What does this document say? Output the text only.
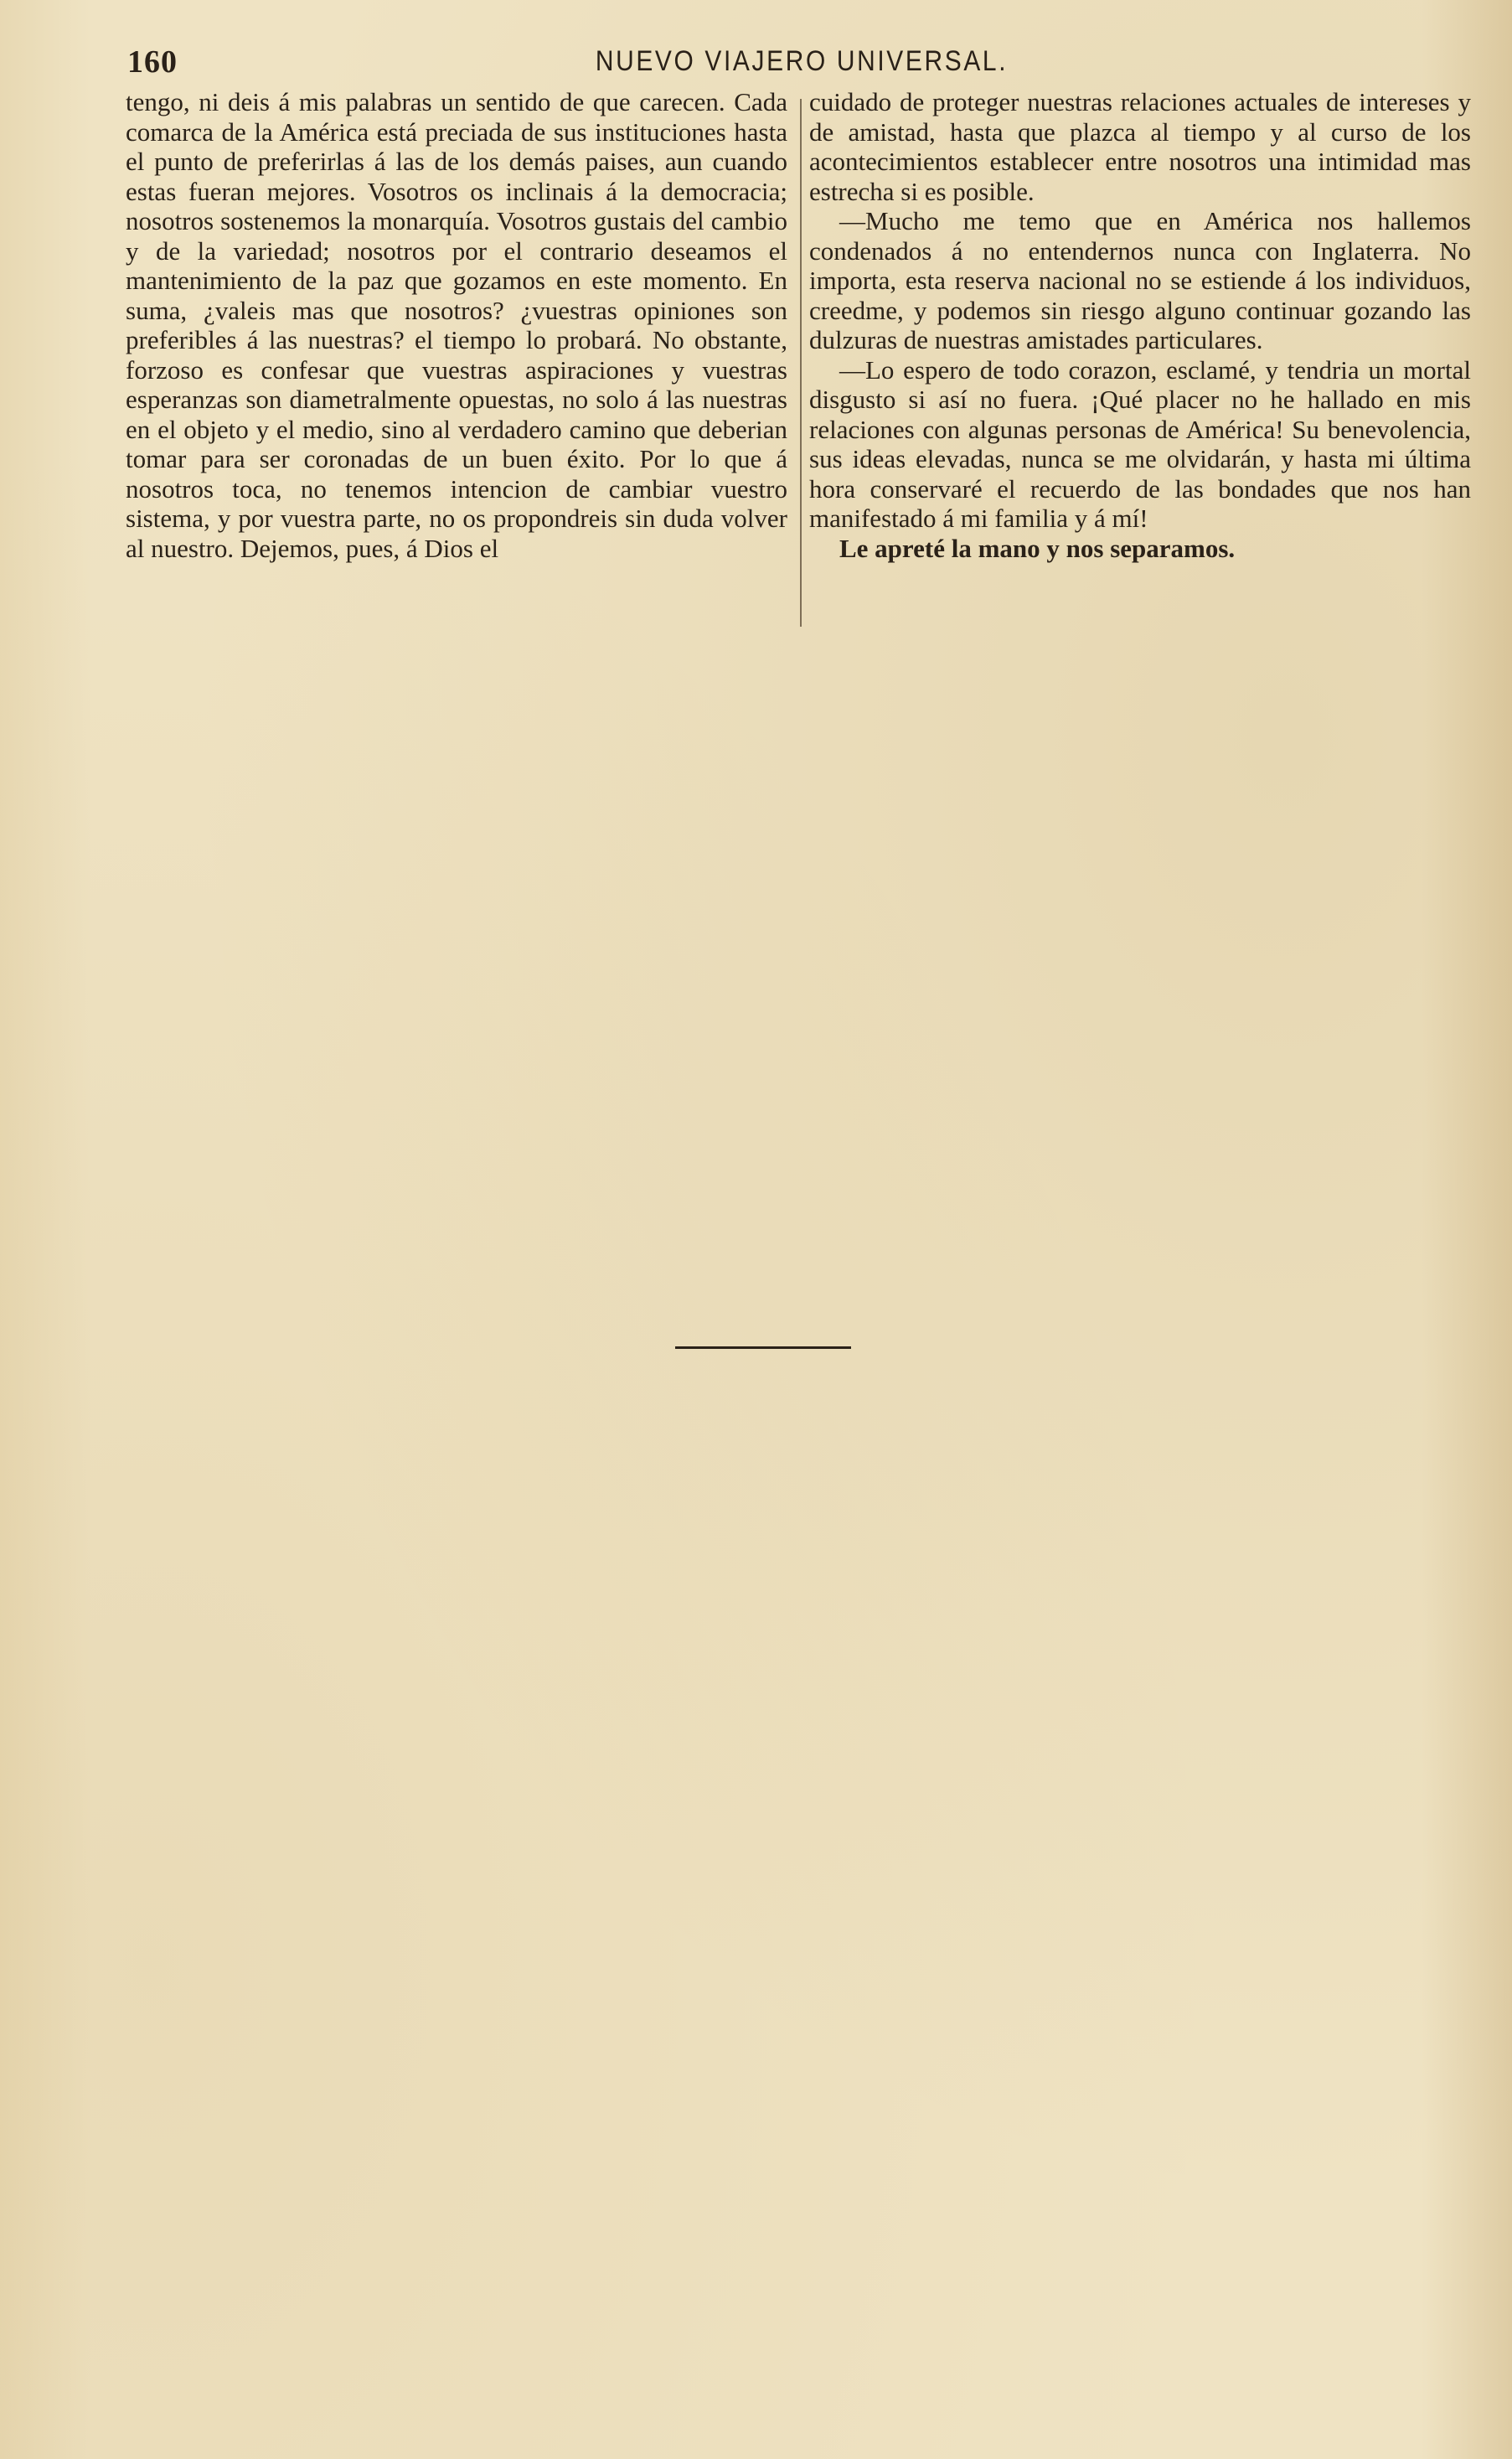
160	NUEVO VIAJERO UNIVERSAL.

tengo, ni deis á mis palabras un sentido de que carecen. Cada comarca de la América está preciada de sus instituciones hasta el punto de preferirlas á las de los demás paises, aun cuando estas fueran mejores. Vosotros os inclinais á la democracia; nosotros sostenemos la monarquía. Vosotros gustais del cambio y de la variedad; nosotros por el contrario deseamos el mantenimiento de la paz que gozamos en este momento. En suma, ¿valeis mas que nosotros? ¿vuestras opiniones son preferibles á las nuestras? el tiempo lo probará. No obstante, forzoso es confesar que vuestras aspiraciones y vuestras esperanzas son diametralmente opuestas, no solo á las nuestras en el objeto y el medio, sino al verdadero camino que deberian tomar para ser coronadas de un buen éxito. Por lo que á nosotros toca, no tenemos intencion de cambiar vuestro sistema, y por vuestra parte, no os propondreis sin duda volver al nuestro. Dejemos, pues, á Dios el

cuidado de proteger nuestras relaciones actuales de intereses y de amistad, hasta que plazca al tiempo y al curso de los acontecimientos establecer entre nosotros una intimidad mas estrecha si es posible.

—Mucho me temo que en América nos hallemos condenados á no entendernos nunca con Inglaterra. No importa, esta reserva nacional no se estiende á los individuos, creedme, y podemos sin riesgo alguno continuar gozando las dulzuras de nuestras amistades particulares.

—Lo espero de todo corazon, esclamé, y tendria un mortal disgusto si así no fuera. ¡Qué placer no he hallado en mis relaciones con algunas personas de América! Su benevolencia, sus ideas elevadas, nunca se me olvidarán, y hasta mi última hora conservaré el recuerdo de las bondades que nos han manifestado á mi familia y á mí!

Le apreté la mano y nos separamos.
